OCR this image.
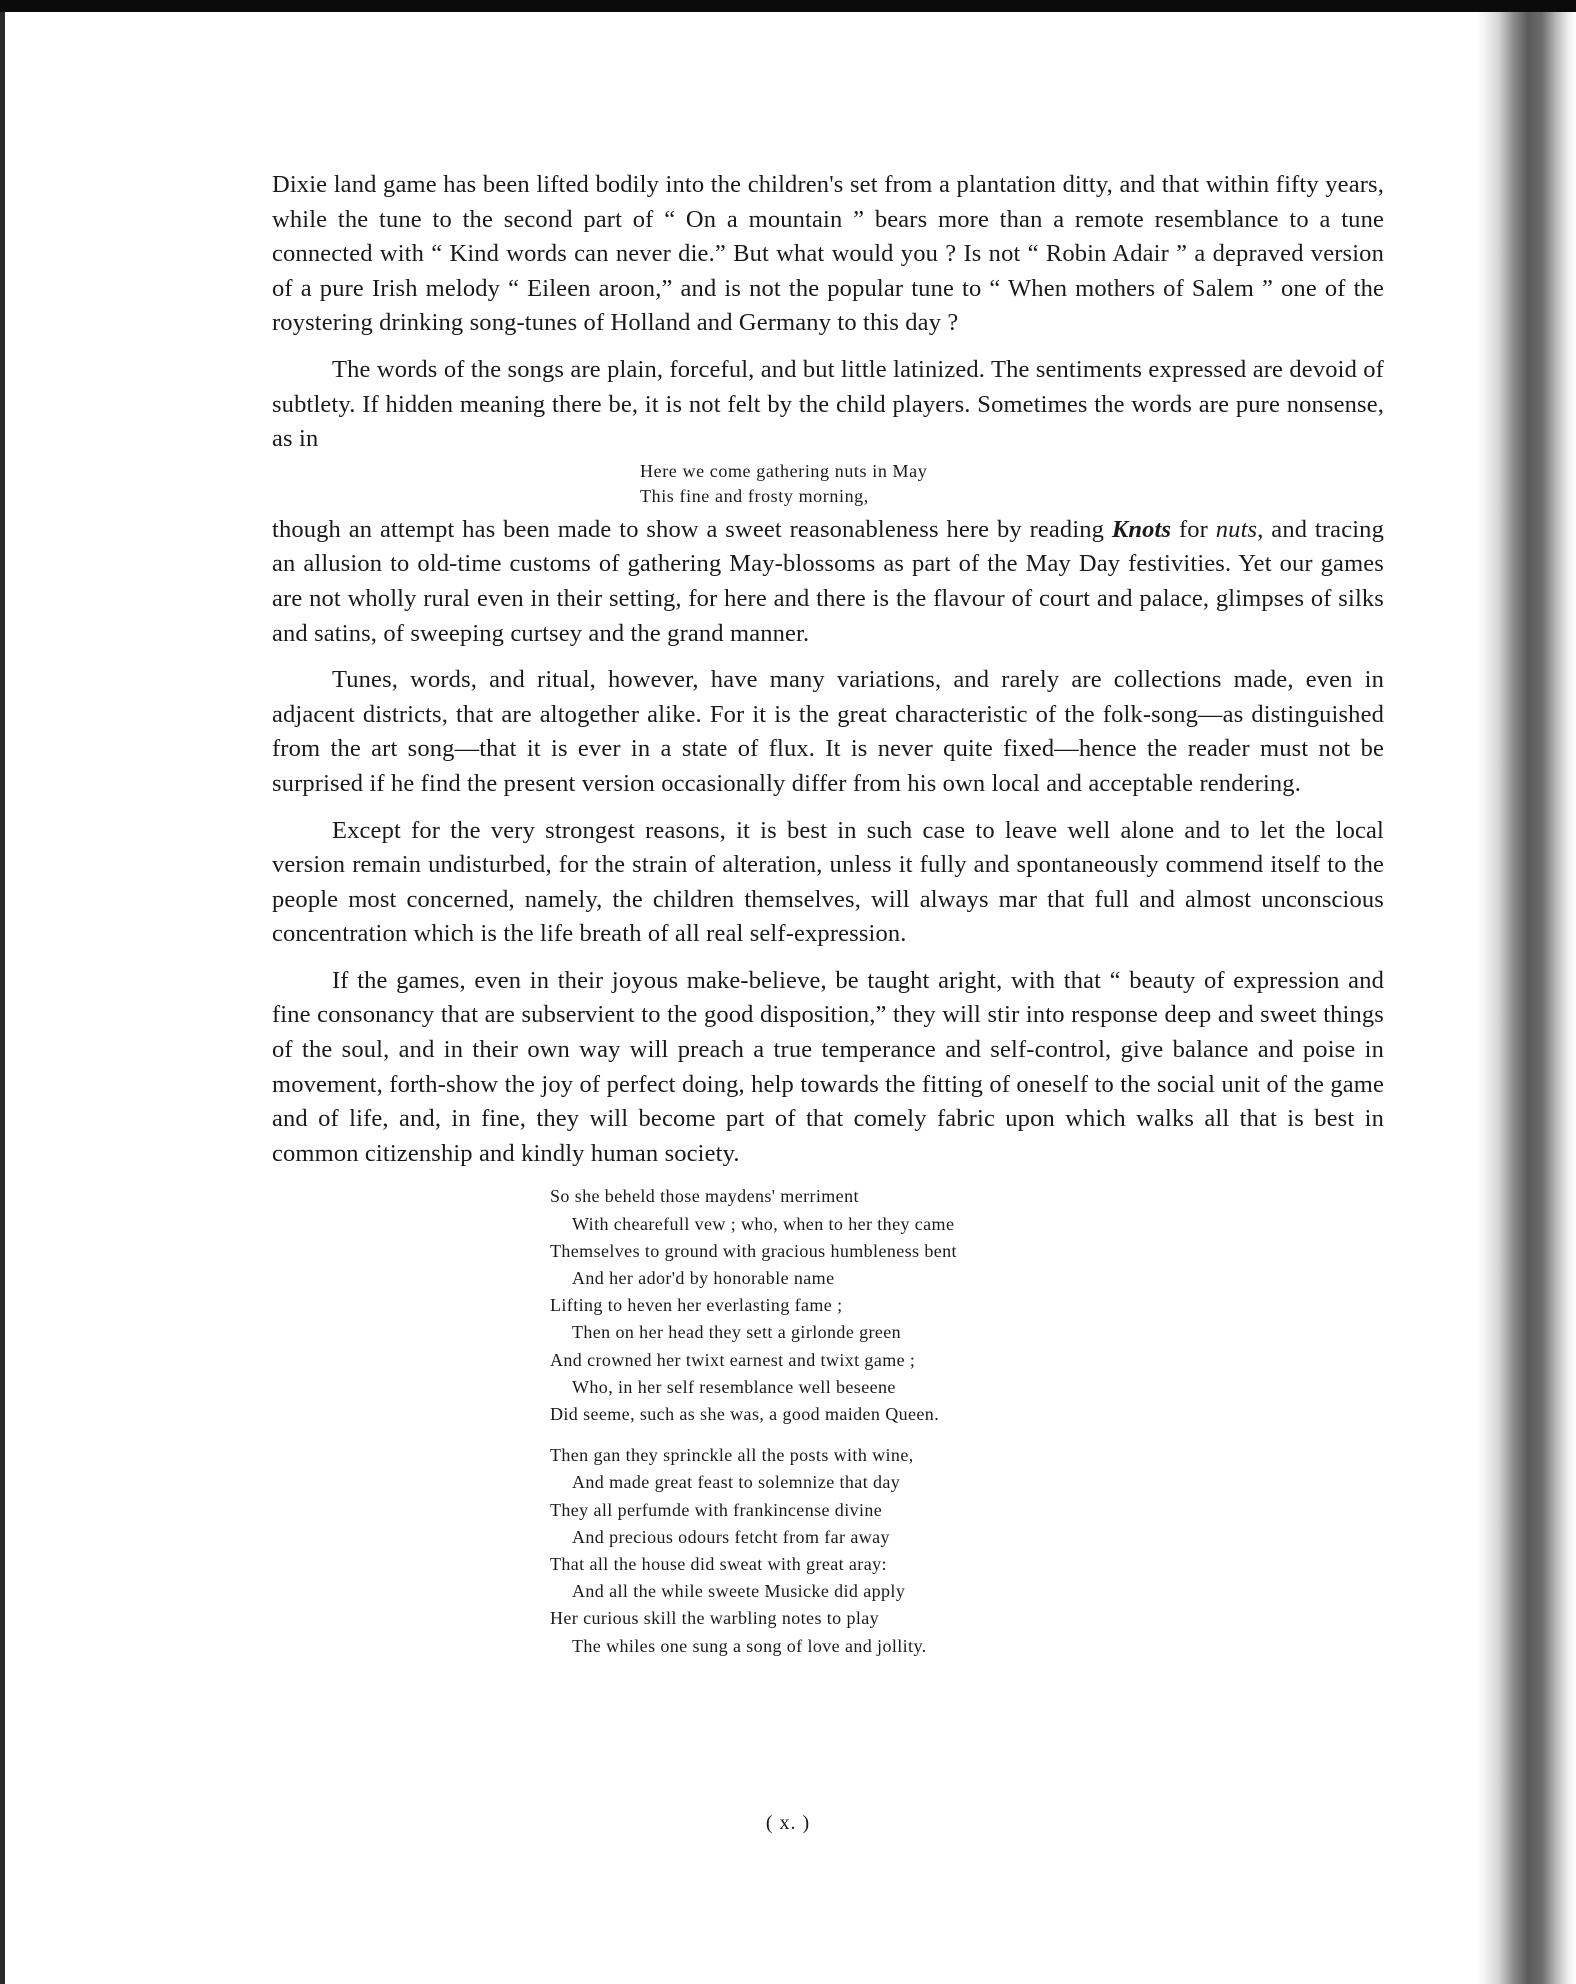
Dixie land game has been lifted bodily into the children's set from a plantation ditty, and that within fifty years, while the tune to the second part of “ On a mountain ” bears more than a remote resemblance to a tune connected with “ Kind words can never die.” But what would you ? Is not “ Robin Adair ” a depraved version of a pure Irish melody “ Eileen aroon,” and is not the popular tune to “ When mothers of Salem ” one of the roystering drinking song-tunes of Holland and Germany to this day ?

The words of the songs are plain, forceful, and but little latinized. The sentiments expressed are devoid of subtlety. If hidden meaning there be, it is not felt by the child players. Sometimes the words are pure nonsense, as in

Here we come gathering nuts in May
This fine and frosty morning,

though an attempt has been made to show a sweet reasonableness here by reading Knots for nuts, and tracing an allusion to old-time customs of gathering May-blossoms as part of the May Day festivities. Yet our games are not wholly rural even in their setting, for here and there is the flavour of court and palace, glimpses of silks and satins, of sweeping curtsey and the grand manner.

Tunes, words, and ritual, however, have many variations, and rarely are collections made, even in adjacent districts, that are altogether alike. For it is the great characteristic of the folk-song—as distinguished from the art song—that it is ever in a state of flux. It is never quite fixed—hence the reader must not be surprised if he find the present version occasionally differ from his own local and acceptable rendering.

Except for the very strongest reasons, it is best in such case to leave well alone and to let the local version remain undisturbed, for the strain of alteration, unless it fully and spontaneously commend itself to the people most concerned, namely, the children themselves, will always mar that full and almost unconscious concentration which is the life breath of all real self-expression.

If the games, even in their joyous make-believe, be taught aright, with that “ beauty of expression and fine consonancy that are subservient to the good disposition,” they will stir into response deep and sweet things of the soul, and in their own way will preach a true temperance and self-control, give balance and poise in movement, forth-show the joy of perfect doing, help towards the fitting of oneself to the social unit of the game and of life, and, in fine, they will become part of that comely fabric upon which walks all that is best in common citizenship and kindly human society.

So she beheld those maydens' merriment
With chearefull vew ; who, when to her they came
Themselves to ground with gracious humbleness bent
And her ador'd by honorable name
Lifting to heven her everlasting fame ;
Then on her head they sett a girlonde green
And crowned her twixt earnest and twixt game ;
Who, in her self resemblance well beseene
Did seeme, such as she was, a good maiden Queen.
Then gan they sprinckle all the posts with wine,
And made great feast to solemnize that day
They all perfumde with frankincense divine
And precious odours fetcht from far away
That all the house did sweat with great aray:
And all the while sweete Musicke did apply
Her curious skill the warbling notes to play
The whiles one sung a song of love and jollity.
( x. )
